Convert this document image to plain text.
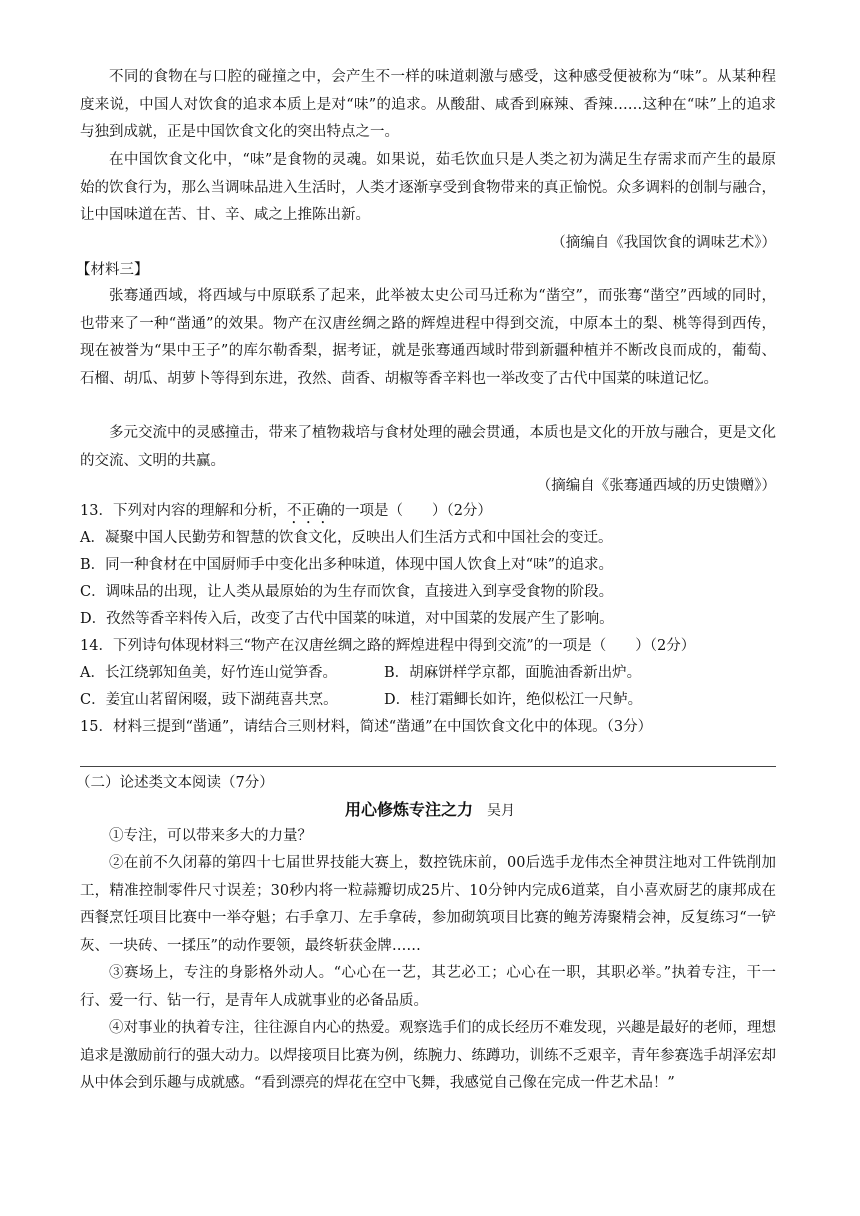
不同的食物在与口腔的碰撞之中，会产生不一样的味道刺激与感受，这种感受便被称为“味”。从某种程度来说，中国人对饮食的追求本质上是对“味”的追求。从酸甜、咸香到麻辣、香辣……这种在“味”上的追求与独到成就，正是中国饮食文化的突出特点之一。

在中国饮食文化中，“味”是食物的灵魂。如果说，茹毛饮血只是人类之初为满足生存需求而产生的最原始的饮食行为，那么当调味品进入生活时，人类才逐渐享受到食物带来的真正愉悦。众多调料的创制与融合，让中国味道在苦、甘、辛、咸之上推陈出新。

（摘编自《我国饮食的调味艺术》）

【材料三】

张骞通西域，将西域与中原联系了起来，此举被太史公司马迁称为“凿空”，而张骞“凿空”西域的同时，也带来了一种“凿通”的效果。物产在汉唐丝绸之路的辉煌进程中得到交流，中原本土的梨、桃等得到西传，现在被誉为“果中王子”的库尔勒香梨，据考证，就是张骞通西域时带到新疆种植并不断改良而成的，葡萄、石榴、胡瓜、胡萝卜等得到东进，孜然、茴香、胡椒等香辛料也一举改变了古代中国菜的味道记忆。

多元交流中的灵感撞击，带来了植物栽培与食材处理的融会贯通，本质也是文化的开放与融合，更是文化的交流、文明的共赢。

（摘编自《张骞通西域的历史馈赠》）

13．下列对内容的理解和分析，不正确的一项是（　　）（2分）

A．凝聚中国人民勤劳和智慧的饮食文化，反映出人们生活方式和中国社会的变迁。

B．同一种食材在中国厨师手中变化出多种味道，体现中国人饮食上对“味”的追求。

C．调味品的出现，让人类从最原始的为生存而饮食，直接进入到享受食物的阶段。

D．孜然等香辛料传入后，改变了古代中国菜的味道，对中国菜的发展产生了影响。

14．下列诗句体现材料三“物产在汉唐丝绸之路的辉煌进程中得到交流”的一项是（　　）（2分）

A．长江绕郭知鱼美，好竹连山觉笋香。	B．胡麻饼样学京都，面脆油香新出炉。

C．姜宜山茗留闲啜，豉下湖莼喜共烹。	D．桂汀霜鲫长如许，绝似松江一尺鲈。

15．材料三提到“凿通”，请结合三则材料，简述“凿通”在中国饮食文化中的体现。（3分）

（二）论述类文本阅读（7分）

用心修炼专注之力 吴月

①专注，可以带来多大的力量？

②在前不久闭幕的第四十七届世界技能大赛上，数控铣床前，00后选手龙伟杰全神贯注地对工件铣削加工，精准控制零件尺寸误差；30秒内将一粒蒜瓣切成25片、10分钟内完成6道菜，自小喜欢厨艺的康邦成在西餐烹饪项目比赛中一举夺魁；右手拿刀、左手拿砖，参加砌筑项目比赛的鲍芳涛聚精会神，反复练习“一铲灰、一块砖、一揉压”的动作要领，最终斩获金牌……

③赛场上，专注的身影格外动人。“心心在一艺，其艺必工；心心在一职，其职必举。”执着专注，干一行、爱一行、钻一行，是青年人成就事业的必备品质。

④对事业的执着专注，往往源自内心的热爱。观察选手们的成长经历不难发现，兴趣是最好的老师，理想追求是激励前行的强大动力。以焊接项目比赛为例，练腕力、练蹲功，训练不乏艰辛，青年参赛选手胡泽宏却从中体会到乐趣与成就感。“看到漂亮的焊花在空中飞舞，我感觉自己像在完成一件艺术品！”
